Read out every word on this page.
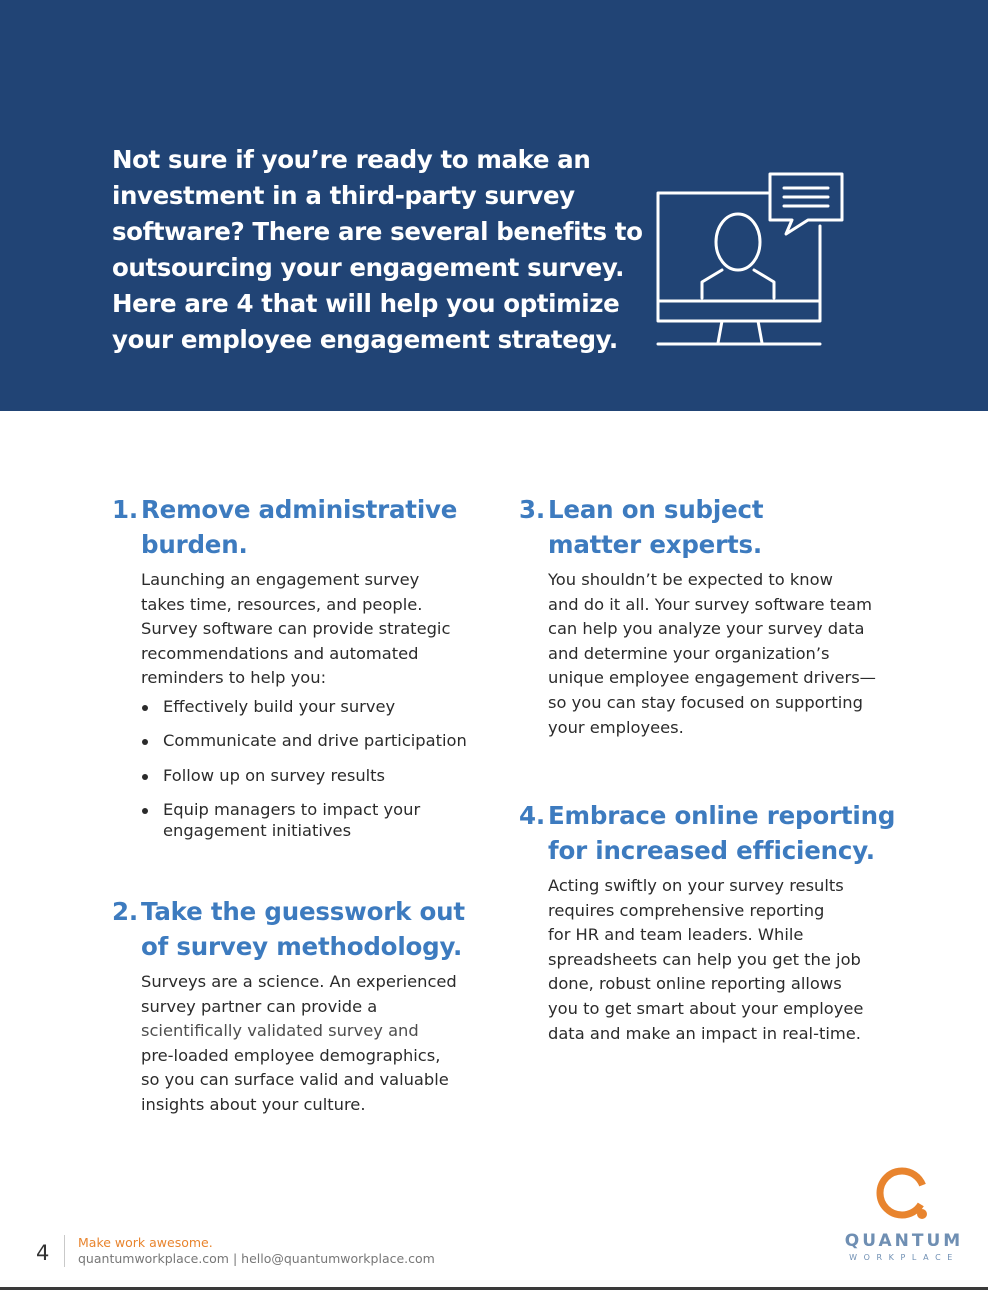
Not sure if you’re ready to make an
investment in a third-party survey
software? There are several benefits to
outsourcing your engagement survey.
Here are 4 that will help you optimize
your employee engagement strategy.
1. Remove administrative
burden.
Launching an engagement survey
takes time, resources, and people.
Survey software can provide strategic
recommendations and automated
reminders to help you:
Effectively build your survey
Communicate and drive participation
Follow up on survey results
Equip managers to impact your
engagement initiatives
2. Take the guesswork out
of survey methodology.
Surveys are a science. An experienced
survey partner can provide a
scientifically validated survey and
pre-loaded employee demographics,
so you can surface valid and valuable
insights about your culture.
3. Lean on subject
matter experts.
You shouldn’t be expected to know
and do it all. Your survey software team
can help you analyze your survey data
and determine your organization’s
unique employee engagement drivers—
so you can stay focused on supporting
your employees.
4. Embrace online reporting
for increased efficiency.
Acting swiftly on your survey results
requires comprehensive reporting
for HR and team leaders. While
spreadsheets can help you get the job
done, robust online reporting allows
you to get smart about your employee
data and make an impact in real-time.
4 Make work awesome.
quantumworkplace.com | hello@quantumworkplace.com
QUANTUM
WORKPLACE
